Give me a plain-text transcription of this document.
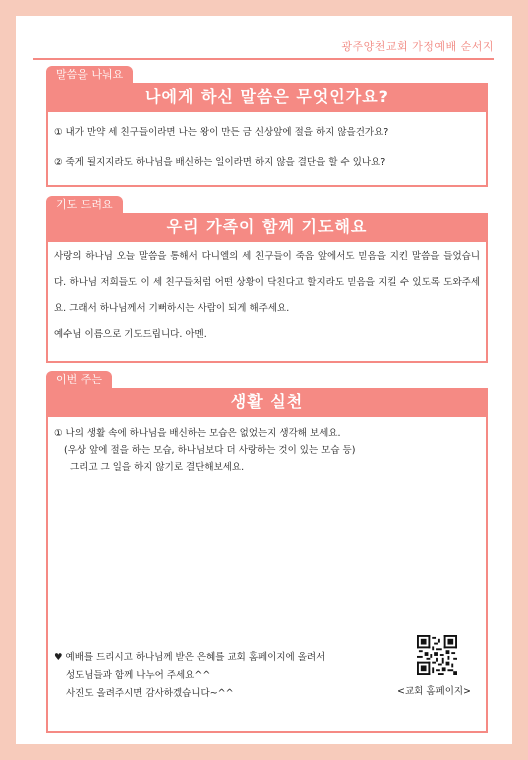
광주양천교회 가정예배 순서지
말씀을 나눠요
나에게 하신 말씀은 무엇인가요?
① 내가 만약 세 친구들이라면 나는 왕이 만든 금 신상앞에 절을 하지 않을건가요?
② 죽게 될지지라도 하나님을 배신하는 일이라면 하지 않을 결단을 할 수 있나요?
기도 드려요
우리 가족이 함께 기도해요

사랑의 하나님 오늘 말씀을 통해서 다니엘의 세 친구들이 죽음 앞에서도 믿음을 지킨 말씀을 들었습니다. 하나님 저희들도 이 세 친구들처럼 어떤 상황이 닥친다고 할지라도 믿음을 지킬 수 있도록 도와주세요. 그래서 하나님께서 기뻐하시는 사람이 되게 해주세요.

예수님 이름으로 기도드립니다. 아멘.

이번 주는
생활 실천
① 나의 생활 속에 하나님을 배신하는 모습은 없었는지 생각해 보세요.
(우상 앞에 절을 하는 모습, 하나님보다 더 사랑하는 것이 있는 모습 등)
그리고 그 일을 하지 않기로 결단해보세요.
♥ 예배를 드리시고 하나님께 받은 은혜를 교회 홈페이지에 올려서
성도님들과 함께 나누어 주세요^^
사진도 올려주시면 감사하겠습니다~^^	<교회 홈페이지>
